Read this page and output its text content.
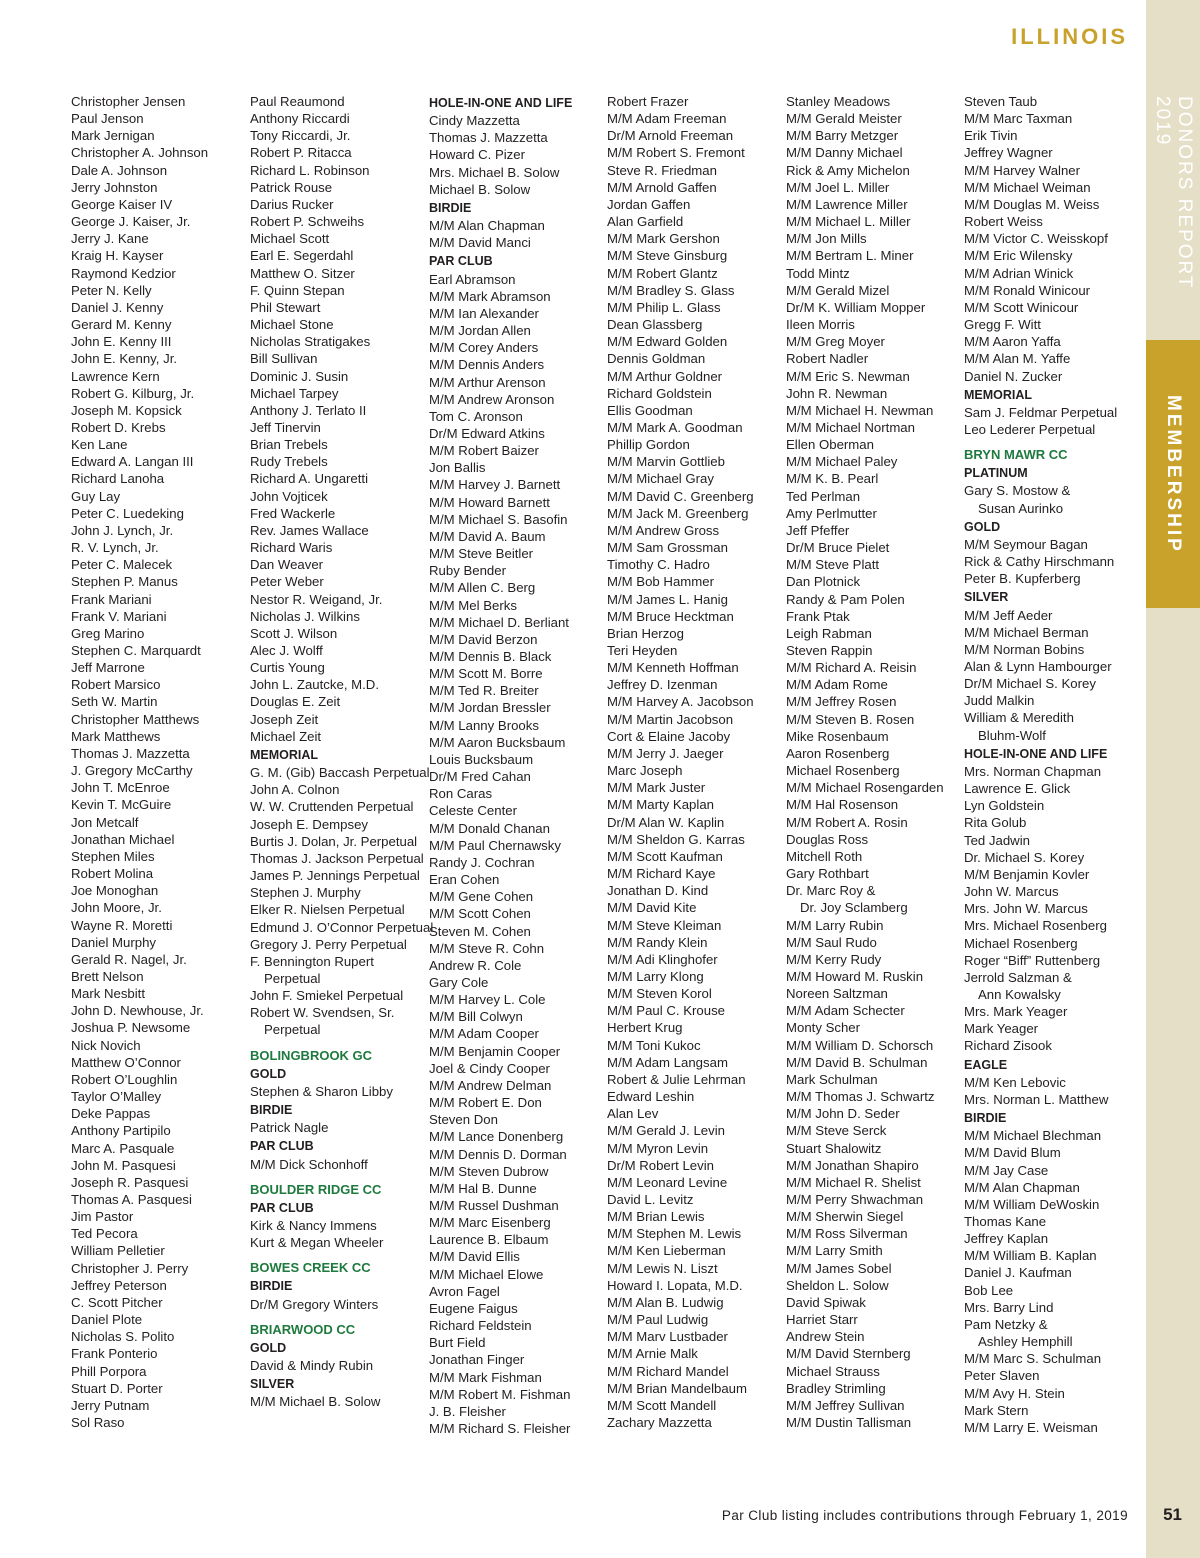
ILLINOIS
DONORS REPORT 2019
MEMBERSHIP
Christopher Jensen
Paul Jenson
Mark Jernigan
Christopher A. Johnson
Dale A. Johnson
Jerry Johnston
George Kaiser IV
George J. Kaiser, Jr.
Jerry J. Kane
Kraig H. Kayser
Raymond Kedzior
Peter N. Kelly
Daniel J. Kenny
Gerard M. Kenny
John E. Kenny III
John E. Kenny, Jr.
Lawrence Kern
Robert G. Kilburg, Jr.
Joseph M. Kopsick
Robert D. Krebs
Ken Lane
Edward A. Langan III
Richard Lanoha
Guy Lay
Peter C. Luedeking
John J. Lynch, Jr.
R. V. Lynch, Jr.
Peter C. Malecek
Stephen P. Manus
Frank Mariani
Frank V. Mariani
Greg Marino
Stephen C. Marquardt
Jeff Marrone
Robert Marsico
Seth W. Martin
Christopher Matthews
Mark Matthews
Thomas J. Mazzetta
J. Gregory McCarthy
John T. McEnroe
Kevin T. McGuire
Jon Metcalf
Jonathan Michael
Stephen Miles
Robert Molina
Joe Monoghan
John Moore, Jr.
Wayne R. Moretti
Daniel Murphy
Gerald R. Nagel, Jr.
Brett Nelson
Mark Nesbitt
John D. Newhouse, Jr.
Joshua P. Newsome
Nick Novich
Matthew O’Connor
Robert O’Loughlin
Taylor O’Malley
Deke Pappas
Anthony Partipilo
Marc A. Pasquale
John M. Pasquesi
Joseph R. Pasquesi
Thomas A. Pasquesi
Jim Pastor
Ted Pecora
William Pelletier
Christopher J. Perry
Jeffrey Peterson
C. Scott Pitcher
Daniel Plote
Nicholas S. Polito
Frank Ponterio
Phill Porpora
Stuart D. Porter
Jerry Putnam
Sol Raso
Paul Reaumond
Anthony Riccardi
Tony Riccardi, Jr.
Robert P. Ritacca
Richard L. Robinson
Patrick Rouse
Darius Rucker
Robert P. Schweihs
Michael Scott
Earl E. Segerdahl
Matthew O. Sitzer
F. Quinn Stepan
Phil Stewart
Michael Stone
Nicholas Stratigakes
Bill Sullivan
Dominic J. Susin
Michael Tarpey
Anthony J. Terlato II
Jeff Tinervin
Brian Trebels
Rudy Trebels
Richard A. Ungaretti
John Vojticek
Fred Wackerle
Rev. James Wallace
Richard Waris
Dan Weaver
Peter Weber
Nestor R. Weigand, Jr.
Nicholas J. Wilkins
Scott J. Wilson
Alec J. Wolff
Curtis Young
John L. Zautcke, M.D.
Douglas E. Zeit
Joseph Zeit
Michael Zeit
MEMORIAL
G. M. (Gib) Baccash Perpetual
John A. Colnon
W. W. Cruttenden Perpetual
Joseph E. Dempsey
Burtis J. Dolan, Jr. Perpetual
Thomas J. Jackson Perpetual
James P. Jennings Perpetual
Stephen J. Murphy
Elker R. Nielsen Perpetual
Edmund J. O’Connor Perpetual
Gregory J. Perry Perpetual
F. Bennington Rupert
Perpetual
John F. Smiekel Perpetual
Robert W. Svendsen, Sr.
Perpetual
BOLINGBROOK GC
GOLD
Stephen & Sharon Libby
BIRDIE
Patrick Nagle
PAR CLUB
M/M Dick Schonhoff
BOULDER RIDGE CC
PAR CLUB
Kirk & Nancy Immens
Kurt & Megan Wheeler
BOWES CREEK CC
BIRDIE
Dr/M Gregory Winters
BRIARWOOD CC
GOLD
David & Mindy Rubin
SILVER
M/M Michael B. Solow
HOLE-IN-ONE AND LIFE
Cindy Mazzetta
Thomas J. Mazzetta
Howard C. Pizer
Mrs. Michael B. Solow
Michael B. Solow
BIRDIE
M/M Alan Chapman
M/M David Manci
PAR CLUB
Earl Abramson
M/M Mark Abramson
M/M Ian Alexander
M/M Jordan Allen
M/M Corey Anders
M/M Dennis Anders
M/M Arthur Arenson
M/M Andrew Aronson
Tom C. Aronson
Dr/M Edward Atkins
M/M Robert Baizer
Jon Ballis
M/M Harvey J. Barnett
M/M Howard Barnett
M/M Michael S. Basofin
M/M David A. Baum
M/M Steve Beitler
Ruby Bender
M/M Allen C. Berg
M/M Mel Berks
M/M Michael D. Berliant
M/M David Berzon
M/M Dennis B. Black
M/M Scott M. Borre
M/M Ted R. Breiter
M/M Jordan Bressler
M/M Lanny Brooks
M/M Aaron Bucksbaum
Louis Bucksbaum
Dr/M Fred Cahan
Ron Caras
Celeste Center
M/M Donald Chanan
M/M Paul Chernawsky
Randy J. Cochran
Eran Cohen
M/M Gene Cohen
M/M Scott Cohen
Steven M. Cohen
M/M Steve R. Cohn
Andrew R. Cole
Gary Cole
M/M Harvey L. Cole
M/M Bill Colwyn
M/M Adam Cooper
M/M Benjamin Cooper
Joel & Cindy Cooper
M/M Andrew Delman
M/M Robert E. Don
Steven Don
M/M Lance Donenberg
M/M Dennis D. Dorman
M/M Steven Dubrow
M/M Hal B. Dunne
M/M Russel Dushman
M/M Marc Eisenberg
Laurence B. Elbaum
M/M David Ellis
M/M Michael Elowe
Avron Fagel
Eugene Faigus
Richard Feldstein
Burt Field
Jonathan Finger
M/M Mark Fishman
M/M Robert M. Fishman
J. B. Fleisher
M/M Richard S. Fleisher
Robert Frazer
M/M Adam Freeman
Dr/M Arnold Freeman
M/M Robert S. Fremont
Steve R. Friedman
M/M Arnold Gaffen
Jordan Gaffen
Alan Garfield
M/M Mark Gershon
M/M Steve Ginsburg
M/M Robert Glantz
M/M Bradley S. Glass
M/M Philip L. Glass
Dean Glassberg
M/M Edward Golden
Dennis Goldman
M/M Arthur Goldner
Richard Goldstein
Ellis Goodman
M/M Mark A. Goodman
Phillip Gordon
M/M Marvin Gottlieb
M/M Michael Gray
M/M David C. Greenberg
M/M Jack M. Greenberg
M/M Andrew Gross
M/M Sam Grossman
Timothy C. Hadro
M/M Bob Hammer
M/M James L. Hanig
M/M Bruce Hecktman
Brian Herzog
Teri Heyden
M/M Kenneth Hoffman
Jeffrey D. Izenman
M/M Harvey A. Jacobson
M/M Martin Jacobson
Cort & Elaine Jacoby
M/M Jerry J. Jaeger
Marc Joseph
M/M Mark Juster
M/M Marty Kaplan
Dr/M Alan W. Kaplin
M/M Sheldon G. Karras
M/M Scott Kaufman
M/M Richard Kaye
Jonathan D. Kind
M/M David Kite
M/M Steve Kleiman
M/M Randy Klein
M/M Adi Klinghofer
M/M Larry Klong
M/M Steven Korol
M/M Paul C. Krouse
Herbert Krug
M/M Toni Kukoc
M/M Adam Langsam
Robert & Julie Lehrman
Edward Leshin
Alan Lev
M/M Gerald J. Levin
M/M Myron Levin
Dr/M Robert Levin
M/M Leonard Levine
David L. Levitz
M/M Brian Lewis
M/M Stephen M. Lewis
M/M Ken Lieberman
M/M Lewis N. Liszt
Howard I. Lopata, M.D.
M/M Alan B. Ludwig
M/M Paul Ludwig
M/M Marv Lustbader
M/M Arnie Malk
M/M Richard Mandel
M/M Brian Mandelbaum
M/M Scott Mandell
Zachary Mazzetta
Stanley Meadows
M/M Gerald Meister
M/M Barry Metzger
M/M Danny Michael
Rick & Amy Michelon
M/M Joel L. Miller
M/M Lawrence Miller
M/M Michael L. Miller
M/M Jon Mills
M/M Bertram L. Miner
Todd Mintz
M/M Gerald Mizel
Dr/M K. William Mopper
Ileen Morris
M/M Greg Moyer
Robert Nadler
M/M Eric S. Newman
John R. Newman
M/M Michael H. Newman
M/M Michael Nortman
Ellen Oberman
M/M Michael Paley
M/M K. B. Pearl
Ted Perlman
Amy Perlmutter
Jeff Pfeffer
Dr/M Bruce Pielet
M/M Steve Platt
Dan Plotnick
Randy & Pam Polen
Frank Ptak
Leigh Rabman
Steven Rappin
M/M Richard A. Reisin
M/M Adam Rome
M/M Jeffrey Rosen
M/M Steven B. Rosen
Mike Rosenbaum
Aaron Rosenberg
Michael Rosenberg
M/M Michael Rosengarden
M/M Hal Rosenson
M/M Robert A. Rosin
Douglas Ross
Mitchell Roth
Gary Rothbart
Dr. Marc Roy &
Dr. Joy Sclamberg
M/M Larry Rubin
M/M Saul Rudo
M/M Kerry Rudy
M/M Howard M. Ruskin
Noreen Saltzman
M/M Adam Schecter
Monty Scher
M/M William D. Schorsch
M/M David B. Schulman
Mark Schulman
M/M Thomas J. Schwartz
M/M John D. Seder
M/M Steve Serck
Stuart Shalowitz
M/M Jonathan Shapiro
M/M Michael R. Shelist
M/M Perry Shwachman
M/M Sherwin Siegel
M/M Ross Silverman
M/M Larry Smith
M/M James Sobel
Sheldon L. Solow
David Spiwak
Harriet Starr
Andrew Stein
M/M David Sternberg
Michael Strauss
Bradley Strimling
M/M Jeffrey Sullivan
M/M Dustin Tallisman
Steven Taub
M/M Marc Taxman
Erik Tivin
Jeffrey Wagner
M/M Harvey Walner
M/M Michael Weiman
M/M Douglas M. Weiss
Robert Weiss
M/M Victor C. Weisskopf
M/M Eric Wilensky
M/M Adrian Winick
M/M Ronald Winicour
M/M Scott Winicour
Gregg F. Witt
M/M Aaron Yaffa
M/M Alan M. Yaffe
Daniel N. Zucker
MEMORIAL
Sam J. Feldmar Perpetual
Leo Lederer Perpetual
BRYN MAWR CC
PLATINUM
Gary S. Mostow &
Susan Aurinko
GOLD
M/M Seymour Bagan
Rick & Cathy Hirschmann
Peter B. Kupferberg
SILVER
M/M Jeff Aeder
M/M Michael Berman
M/M Norman Bobins
Alan & Lynn Hambourger
Dr/M Michael S. Korey
Judd Malkin
William & Meredith
Bluhm-Wolf
HOLE-IN-ONE AND LIFE
Mrs. Norman Chapman
Lawrence E. Glick
Lyn Goldstein
Rita Golub
Ted Jadwin
Dr. Michael S. Korey
M/M Benjamin Kovler
John W. Marcus
Mrs. John W. Marcus
Mrs. Michael Rosenberg
Michael Rosenberg
Roger “Biff” Ruttenberg
Jerrold Salzman &
Ann Kowalsky
Mrs. Mark Yeager
Mark Yeager
Richard Zisook
EAGLE
M/M Ken Lebovic
Mrs. Norman L. Matthew
BIRDIE
M/M Michael Blechman
M/M David Blum
M/M Jay Case
M/M Alan Chapman
M/M William DeWoskin
Thomas Kane
Jeffrey Kaplan
M/M William B. Kaplan
Daniel J. Kaufman
Bob Lee
Mrs. Barry Lind
Pam Netzky &
Ashley Hemphill
M/M Marc S. Schulman
Peter Slaven
M/M Avy H. Stein
Mark Stern
M/M Larry E. Weisman
Par Club listing includes contributions through February 1, 2019 51
